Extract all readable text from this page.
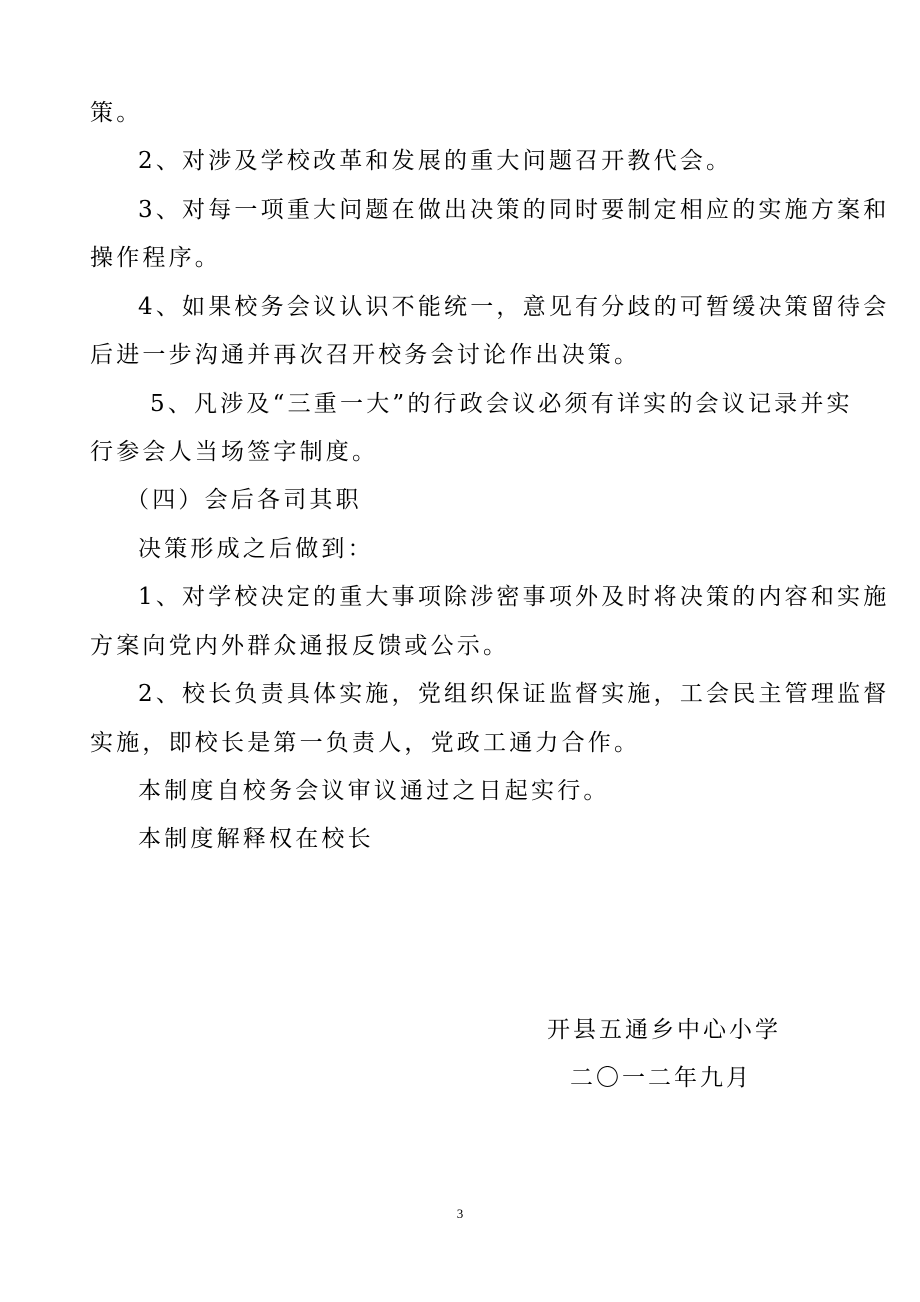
策。
2、对涉及学校改革和发展的重大问题召开教代会。
3、对每一项重大问题在做出决策的同时要制定相应的实施方案和
操作程序。
4、如果校务会议认识不能统一，意见有分歧的可暂缓决策留待会
后进一步沟通并再次召开校务会讨论作出决策。
5、凡涉及“三重一大”的行政会议必须有详实的会议记录并实
行参会人当场签字制度。
（四）会后各司其职
决策形成之后做到：
1、对学校决定的重大事项除涉密事项外及时将决策的内容和实施
方案向党内外群众通报反馈或公示。
2、校长负责具体实施，党组织保证监督实施，工会民主管理监督
实施，即校长是第一负责人，党政工通力合作。
本制度自校务会议审议通过之日起实行。
本制度解释权在校长
开县五通乡中心小学
二〇一二年九月
3
